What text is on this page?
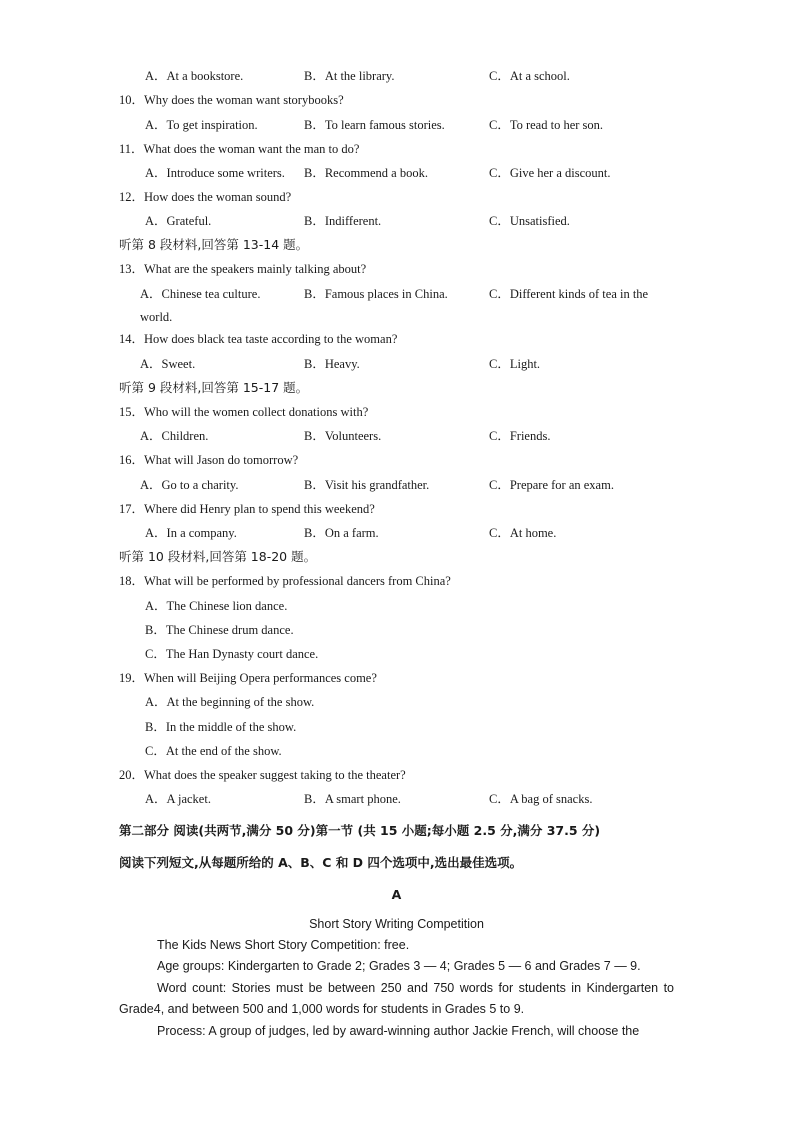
A．At a bookstore.	B．At the library.	C．At a school.
10．Why does the woman want storybooks?
A．To get inspiration.	B．To learn famous stories.	C．To read to her son.
11．What does the woman want the man to do?
A．Introduce some writers. B．Recommend a book.	C．Give her a discount.
12．How does the woman sound?
A．Grateful.	B．Indifferent.	C．Unsatisfied.
听第 8 段材料,回答第 13-14 题。
13．What are the speakers mainly talking about?
A．Chinese tea culture.	B．Famous places in China.	C．Different kinds of tea in the
world.
14．How does black tea taste according to the woman?
A．Sweet.	B．Heavy.	C．Light.
听第 9 段材料,回答第 15-17 题。
15．Who will the women collect donations with?
A．Children.	B．Volunteers.	C．Friends.
16．What will Jason do tomorrow?
A．Go to a charity.	B．Visit his grandfather.	C．Prepare for an exam.
17．Where did Henry plan to spend this weekend?
A．In a company.	B．On a farm.	C．At home.
听第 10 段材料,回答第 18-20 题。
18．What will be performed by professional dancers from China?
A．The Chinese lion dance.
B．The Chinese drum dance.
C．The Han Dynasty court dance.
19．When will Beijing Opera performances come?
A．At the beginning of the show.
B．In the middle of the show.
C．At the end of the show.
20．What does the speaker suggest taking to the theater?
A．A jacket.	B．A smart phone.	C．A bag of snacks.
第二部分 阅读(共两节,满分 50 分)第一节 (共 15 小题;每小题 2.5 分,满分 37.5 分)
阅读下列短文,从每题所给的 A、B、C 和 D 四个选项中,选出最佳选项。
A
Short Story Writing Competition
The Kids News Short Story Competition: free.
Age groups: Kindergarten to Grade 2; Grades 3 — 4; Grades 5 — 6 and Grades 7 — 9.
Word count: Stories must be between 250 and 750 words for students in Kindergarten to Grade4, and between 500 and 1,000 words for students in Grades 5 to 9.
Process: A group of judges, led by award-winning author Jackie French, will choose the
